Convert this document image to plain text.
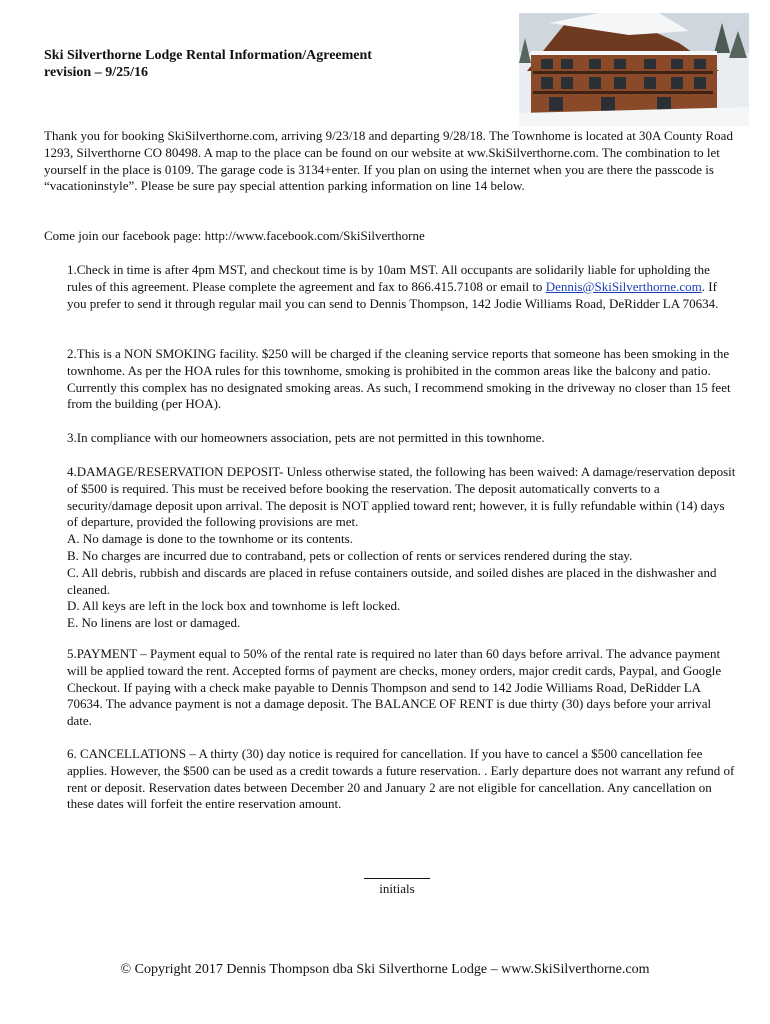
Ski Silverthorne Lodge Rental Information/Agreement
revision – 9/25/16
Thank you for booking SkiSilverthorne.com, arriving 9/23/18 and departing 9/28/18. The Townhome is located at 30A County Road 1293, Silverthorne CO 80498. A map to the place can be found on our website at ww.SkiSilverthorne.com. The combination to let yourself in the place is 0109. The garage code is 3134+enter. If you plan on using the internet when you are there the passcode is “vacationinstyle”. Please be sure pay special attention parking information on line 14 below.
Come join our facebook page: http://www.facebook.com/SkiSilverthorne
1.Check in time is after 4pm MST, and checkout time is by 10am MST. All occupants are solidarily liable for upholding the rules of this agreement. Please complete the agreement and fax to 866.415.7108 or email to Dennis@SkiSilverthorne.com. If you prefer to send it through regular mail you can send to Dennis Thompson, 142 Jodie Williams Road, DeRidder LA 70634.
2.This is a NON SMOKING facility. $250 will be charged if the cleaning service reports that someone has been smoking in the townhome. As per the HOA rules for this townhome, smoking is prohibited in the common areas like the balcony and patio. Currently this complex has no designated smoking areas. As such, I recommend smoking in the driveway no closer than 15 feet from the building (per HOA).
3.In compliance with our homeowners association, pets are not permitted in this townhome.
4.DAMAGE/RESERVATION DEPOSIT- Unless otherwise stated, the following has been waived: A damage/reservation deposit of $500 is required. This must be received before booking the reservation. The deposit automatically converts to a security/damage deposit upon arrival. The deposit is NOT applied toward rent; however, it is fully refundable within (14) days of departure, provided the following provisions are met.
A. No damage is done to the townhome or its contents.
B. No charges are incurred due to contraband, pets or collection of rents or services rendered during the stay.
C. All debris, rubbish and discards are placed in refuse containers outside, and soiled dishes are placed in the dishwasher and cleaned.
D. All keys are left in the lock box and townhome is left locked.
E. No linens are lost or damaged.
5.PAYMENT – Payment equal to 50% of the rental rate is required no later than 60 days before arrival. The advance payment will be applied toward the rent. Accepted forms of payment are checks, money orders, major credit cards, Paypal, and Google Checkout. If paying with a check make payable to Dennis Thompson and send to 142 Jodie Williams Road, DeRidder LA 70634. The advance payment is not a damage deposit. The BALANCE OF RENT is due thirty (30) days before your arrival date.
6. CANCELLATIONS – A thirty (30) day notice is required for cancellation. If you have to cancel a $500 cancellation fee applies. However, the $500 can be used as a credit towards a future reservation. . Early departure does not warrant any refund of rent or deposit. Reservation dates between December 20 and January 2 are not eligible for cancellation. Any cancellation on these dates will forfeit the entire reservation amount.
initials
© Copyright 2017 Dennis Thompson dba Ski Silverthorne Lodge – www.SkiSilverthorne.com
